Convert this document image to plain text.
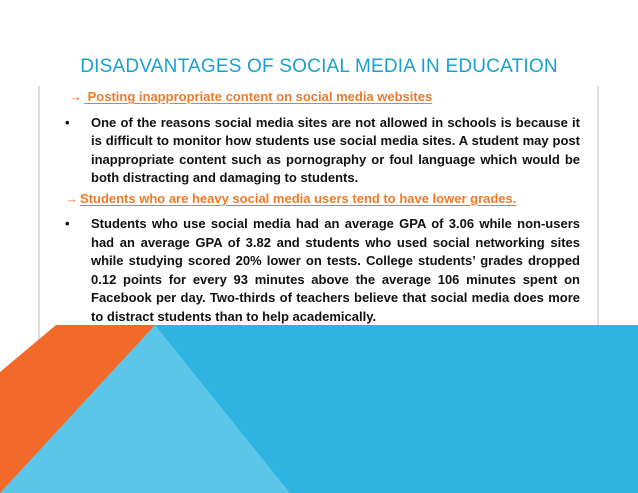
DISADVANTAGES OF SOCIAL MEDIA IN EDUCATION
→ Posting inappropriate content on social media websites
• One of the reasons social media sites are not allowed in schools is because it is difficult to monitor how students use social media sites. A student may post inappropriate content such as pornography or foul language which would be both distracting and damaging to students.
→ Students who are heavy social media users tend to have lower grades.
• Students who use social media had an average GPA of 3.06 while non-users had an average GPA of 3.82 and students who used social networking sites while studying scored 20% lower on tests. College students’ grades dropped 0.12 points for every 93 minutes above the average 106 minutes spent on Facebook per day. Two-thirds of teachers believe that social media does more to distract students than to help academically.
